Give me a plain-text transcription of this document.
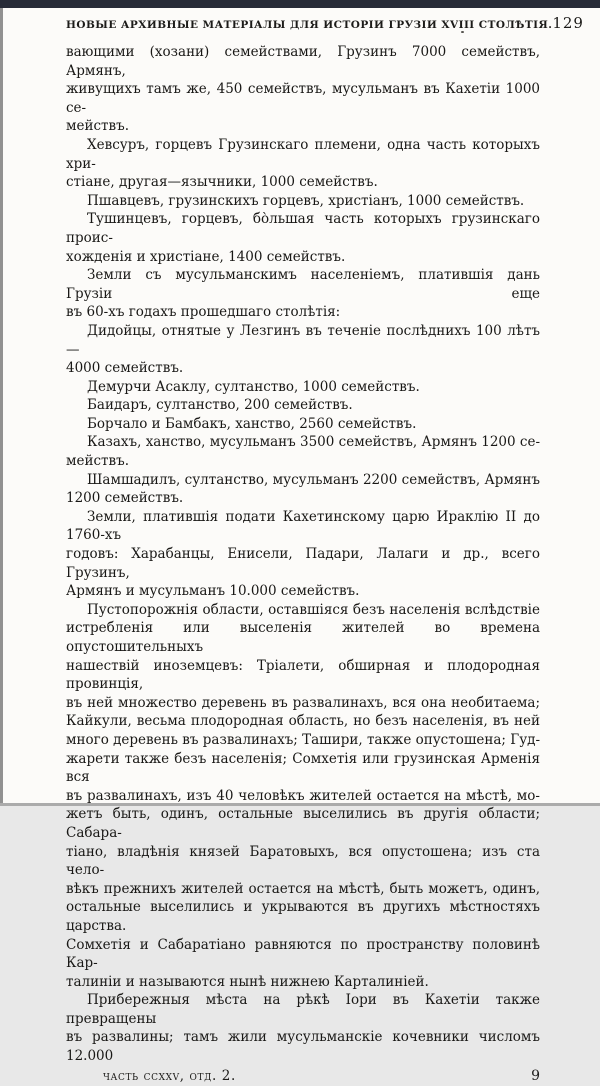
НОВЫЕ АРХИВНЫЕ МАТЕРІАЛЫ ДЛЯ ИСТОРІИ ГРУЗІИ XVIII СТОЛѢТІЯ. 129

вающими (хозани) семействами, Грузинъ 7000 семействъ, Армянъ,
живущихъ тамъ же, 450 семействъ, мусульманъ въ Кахетіи 1000 се-
мействъ.

Хевсуръ, горцевъ Грузинскаго племени, одна часть которыхъ хри-
стіане, другая—язычники, 1000 семействъ.

Пшавцевъ, грузинскихъ горцевъ, христіанъ, 1000 семействъ.

Тушинцевъ, горцевъ, бо̀льшая часть которыхъ грузинскаго проис-
хожденія и христіане, 1400 семействъ.

Земли съ мусульманскимъ населеніемъ, платившія дань Грузіи еще
въ 60-хъ годахъ прошедшаго столѣтія:

Дидойцы, отнятые у Лезгинъ въ теченіе послѣднихъ 100 лѣтъ—
4000 семействъ.

Демурчи Асаклу, султанство, 1000 семействъ.

Баидаръ, султанство, 200 семействъ.

Борчало и Бамбакъ, ханство, 2560 семействъ.

Казахъ, ханство, мусульманъ 3500 семействъ, Армянъ 1200 се-
мействъ.

Шамшадилъ, султанство, мусульманъ 2200 семействъ, Армянъ
1200 семействъ.

Земли, платившія подати Кахетинскому царю Ираклію II до 1760-хъ
годовъ: Харабанцы, Енисели, Падари, Лалаги и др., всего Грузинъ,
Армянъ и мусульманъ 10.000 семействъ.

Пустопорожнія области, оставшіяся безъ населенія вслѣдствіе
истребленія или выселенія жителей во времена опустошительныхъ
нашествій иноземцевъ: Тріалети, обширная и плодородная провинція,
въ ней множество деревень въ развалинахъ, вся она необитаема;
Кайкули, весьма плодородная область, но безъ населенія, въ ней
много деревень въ развалинахъ; Ташири, также опустошена; Гуд-
жарети также безъ населенія; Сомхетія или грузинская Арменія вся
въ развалинахъ, изъ 40 человѣкъ жителей остается на мѣстѣ, мо-
жетъ быть, одинъ, остальные выселились въ другія области; Сабара-
тіано, владѣнія князей Баратовыхъ, вся опустошена; изъ ста чело-
вѣкъ прежнихъ жителей остается на мѣстѣ, быть можетъ, одинъ,
остальные выселились и укрываются въ другихъ мѣстностяхъ царства.
Сомхетія и Сабаратіано равняются по пространству половинѣ Кар-
талиніи и называются нынѣ нижнею Карталиніей.

Прибережныя мѣста на рѣкѣ Іори въ Кахетіи также превращены
въ развалины; тамъ жили мусульманскіе кочевники числомъ 12.000

часть ccxxv, отд. 2.	9
